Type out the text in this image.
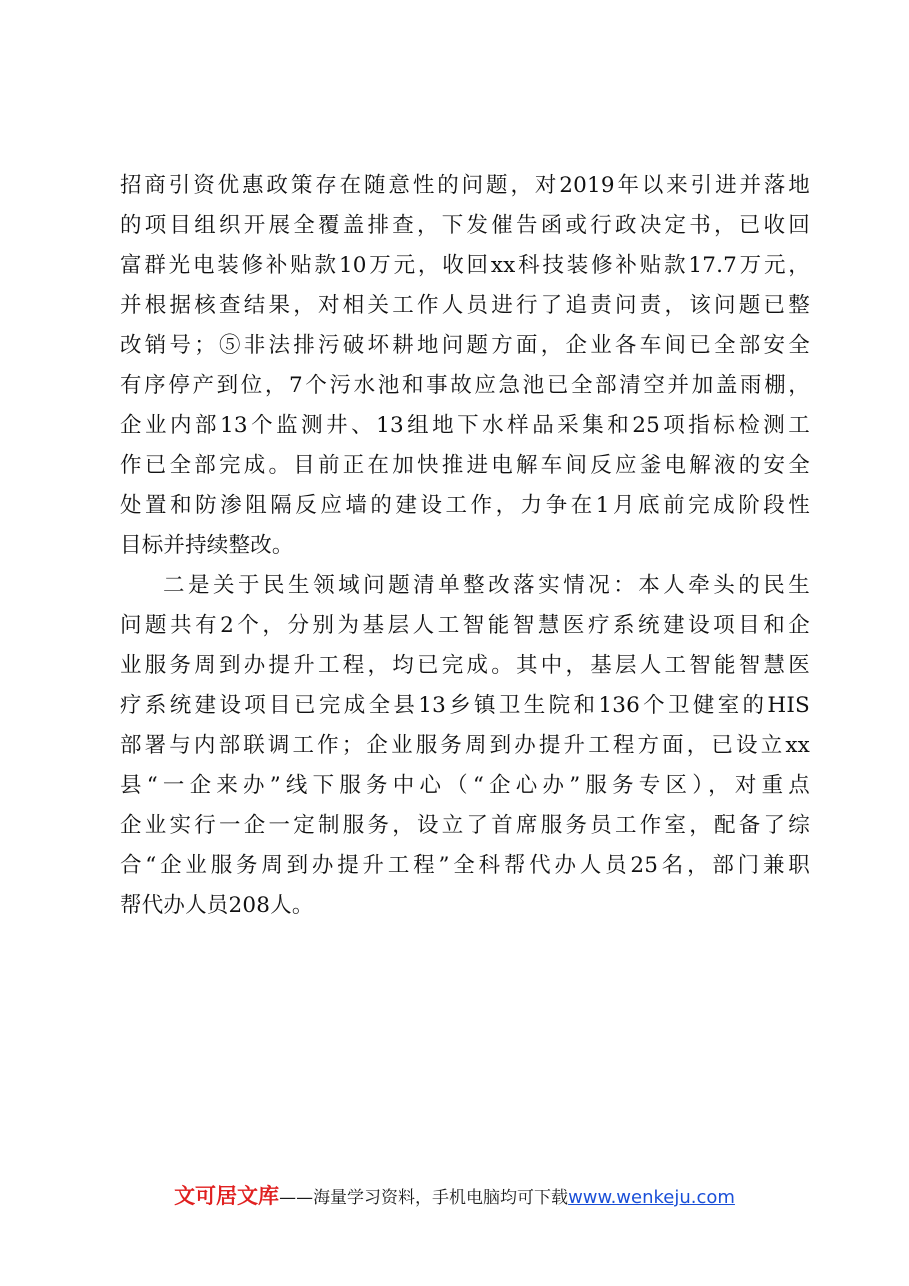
招商引资优惠政策存在随意性的问题，对2019年以来引进并落地
的项目组织开展全覆盖排查，下发催告函或行政决定书，已收回
富群光电装修补贴款10万元，收回xx科技装修补贴款17.7万元，
并根据核查结果，对相关工作人员进行了追责问责，该问题已整
改销号；⑤非法排污破坏耕地问题方面，企业各车间已全部安全
有序停产到位，7个污水池和事故应急池已全部清空并加盖雨棚，
企业内部13个监测井、13组地下水样品采集和25项指标检测工
作已全部完成。目前正在加快推进电解车间反应釜电解液的安全
处置和防渗阻隔反应墙的建设工作，力争在1月底前完成阶段性
目标并持续整改。
二是关于民生领域问题清单整改落实情况：本人牵头的民生
问题共有2个，分别为基层人工智能智慧医疗系统建设项目和企
业服务周到办提升工程，均已完成。其中，基层人工智能智慧医
疗系统建设项目已完成全县13乡镇卫生院和136个卫健室的HIS
部署与内部联调工作；企业服务周到办提升工程方面，已设立xx
县“一企来办”线下服务中心（“企心办”服务专区），对重点
企业实行一企一定制服务，设立了首席服务员工作室，配备了综
合“企业服务周到办提升工程”全科帮代办人员25名，部门兼职
帮代办人员208人。
文可居文库——海量学习资料，手机电脑均可下载www.wenkeju.com
